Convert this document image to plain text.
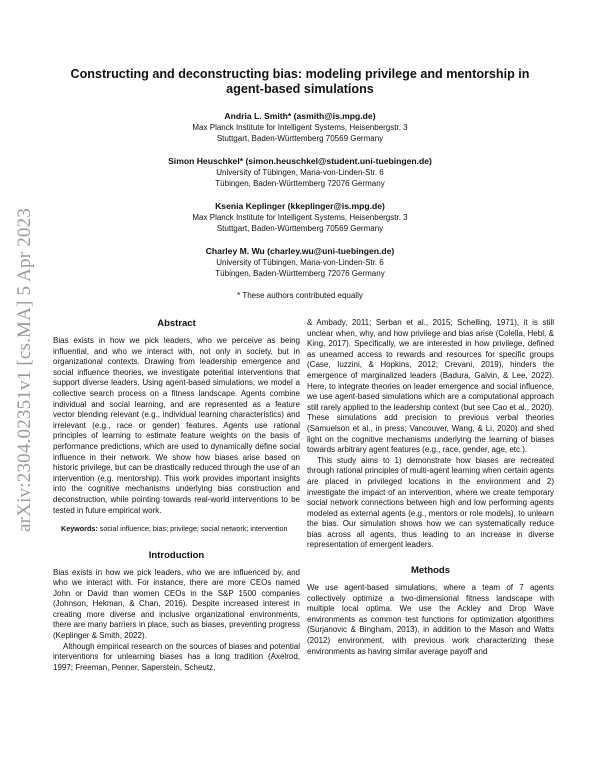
arXiv:2304.02351v1 [cs.MA] 5 Apr 2023
Constructing and deconstructing bias: modeling privilege and mentorship in agent-based simulations
Andria L. Smith* (asmith@is.mpg.de)
Max Planck Institute for Intelligent Systems, Heisenbergstr. 3
Stuttgart, Baden-Württemberg 70569 Germany
Simon Heuschkel* (simon.heuschkel@student.uni-tuebingen.de)
University of Tübingen, Maria-von-Linden-Str. 6
Tübingen, Baden-Württemberg 72076 Germany
Ksenia Keplinger (kkeplinger@is.mpg.de)
Max Planck Institute for Intelligent Systems, Heisenbergstr. 3
Stuttgart, Baden-Württemberg 70569 Germany
Charley M. Wu (charley.wu@uni-tuebingen.de)
University of Tübingen, Maria-von-Linden-Str. 6
Tübingen, Baden-Württemberg 72076 Germany
* These authors contributed equally
Abstract

Bias exists in how we pick leaders, who we perceive as being influential, and who we interact with, not only in society, but in organizational contexts. Drawing from leadership emergence and social influence theories, we investigate potential interventions that support diverse leaders. Using agent-based simulations, we model a collective search process on a fitness landscape. Agents combine individual and social learning, and are represented as a feature vector blending relevant (e.g., individual learning characteristics) and irrelevant (e.g., race or gender) features. Agents use rational principles of learning to estimate feature weights on the basis of performance predictions, which are used to dynamically define social influence in their network. We show how biases arise based on historic privilege, but can be drastically reduced through the use of an intervention (e.g. mentorship). This work provides important insights into the cognitive mechanisms underlying bias construction and deconstruction, while pointing towards real-world interventions to be tested in future empirical work.

Keywords: social influence; bias; privilege; social network; intervention

Introduction

Bias exists in how we pick leaders, who we are influenced by, and who we interact with. For instance, there are more CEOs named John or David than women CEOs in the S&P 1500 companies (Johnson, Hekman, & Chan, 2016). Despite increased interest in creating more diverse and inclusive organizational environments, there are many barriers in place, such as biases, preventing progress (Keplinger & Smith, 2022).

Although empirical research on the sources of biases and potential interventions for unlearning biases has a long tradition (Axelrod, 1997; Freeman, Penner, Saperstein, Scheutz,

& Ambady, 2011; Serban et al., 2015; Schelling, 1971), it is still unclear when, why, and how privilege and bias arise (Colella, Hebl, & King, 2017). Specifically, we are interested in how privilege, defined as unearned access to rewards and resources for specific groups (Case, Iuzzini, & Hopkins, 2012; Crevani, 2019), hinders the emergence of marginalized leaders (Badura, Galvin, & Lee, 2022). Here, to integrate theories on leader emergence and social influence, we use agent-based simulations which are a computational approach still rarely applied to the leadership context (but see Cao et al., 2020). These simulations add precision to previous verbal theories (Samuelson et al., in press; Vancouver, Wang, & Li, 2020) and shed light on the cognitive mechanisms underlying the learning of biases towards arbitrary agent features (e.g., race, gender, age, etc.).

This study aims to 1) demonstrate how biases are recreated through rational principles of multi-agent learning when certain agents are placed in privileged locations in the environment and 2) investigate the impact of an intervention, where we create temporary social network connections between high and low performing agents modeled as external agents (e.g., mentors or role models), to unlearn the bias. Our simulation shows how we can systematically reduce bias across all agents, thus leading to an increase in diverse representation of emergent leaders.

Methods

We use agent-based simulations, where a team of 7 agents collectively optimize a two-dimensional fitness landscape with multiple local optima. We use the Ackley and Drop Wave environments as common test functions for optimization algorithms (Surjanovic & Bingham, 2013), in addition to the Mason and Watts (2012) environment, with previous work characterizing these environments as having similar average payoff and
